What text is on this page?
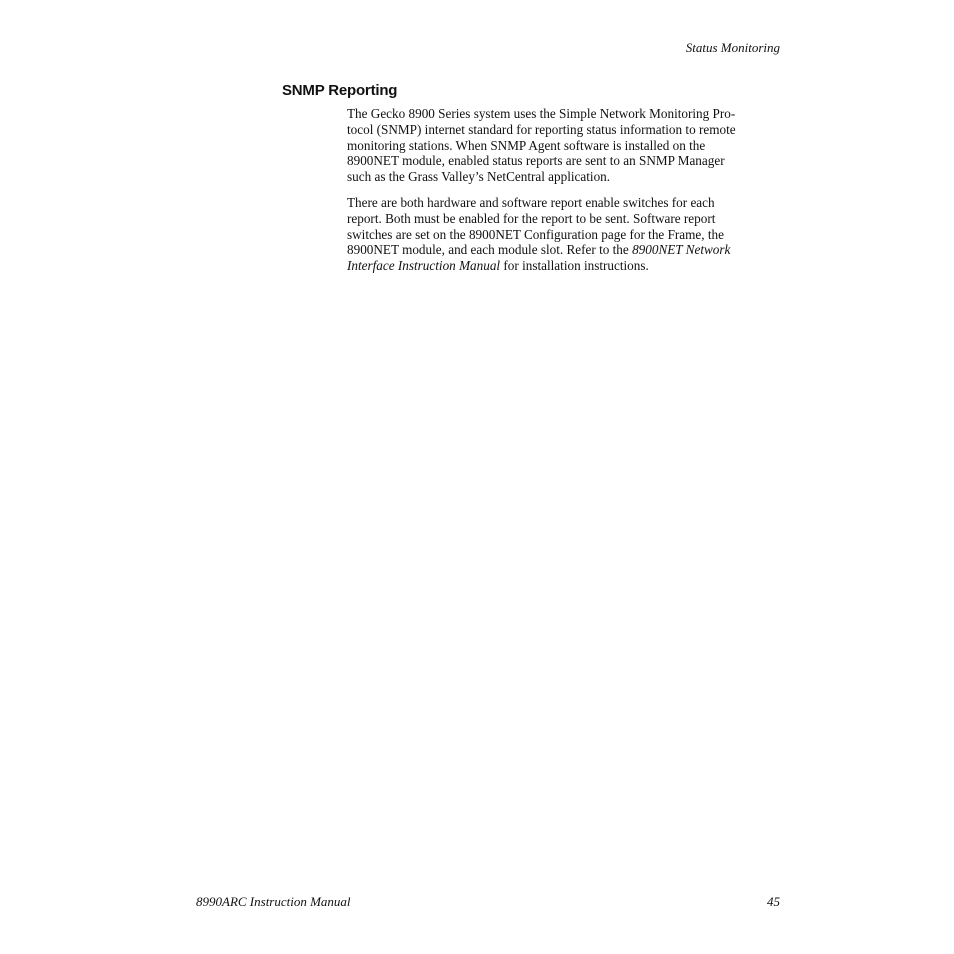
Status Monitoring
SNMP Reporting

The Gecko 8900 Series system uses the Simple Network Monitoring Pro-
tocol (SNMP) internet standard for reporting status information to remote
monitoring stations. When SNMP Agent software is installed on the
8900NET module, enabled status reports are sent to an SNMP Manager
such as the Grass Valley’s NetCentral application.

There are both hardware and software report enable switches for each
report. Both must be enabled for the report to be sent. Software report
switches are set on the 8900NET Configuration page for the Frame, the
8900NET module, and each module slot. Refer to the 8900NET Network
Interface Instruction Manual for installation instructions.

8990ARC Instruction Manual	45
